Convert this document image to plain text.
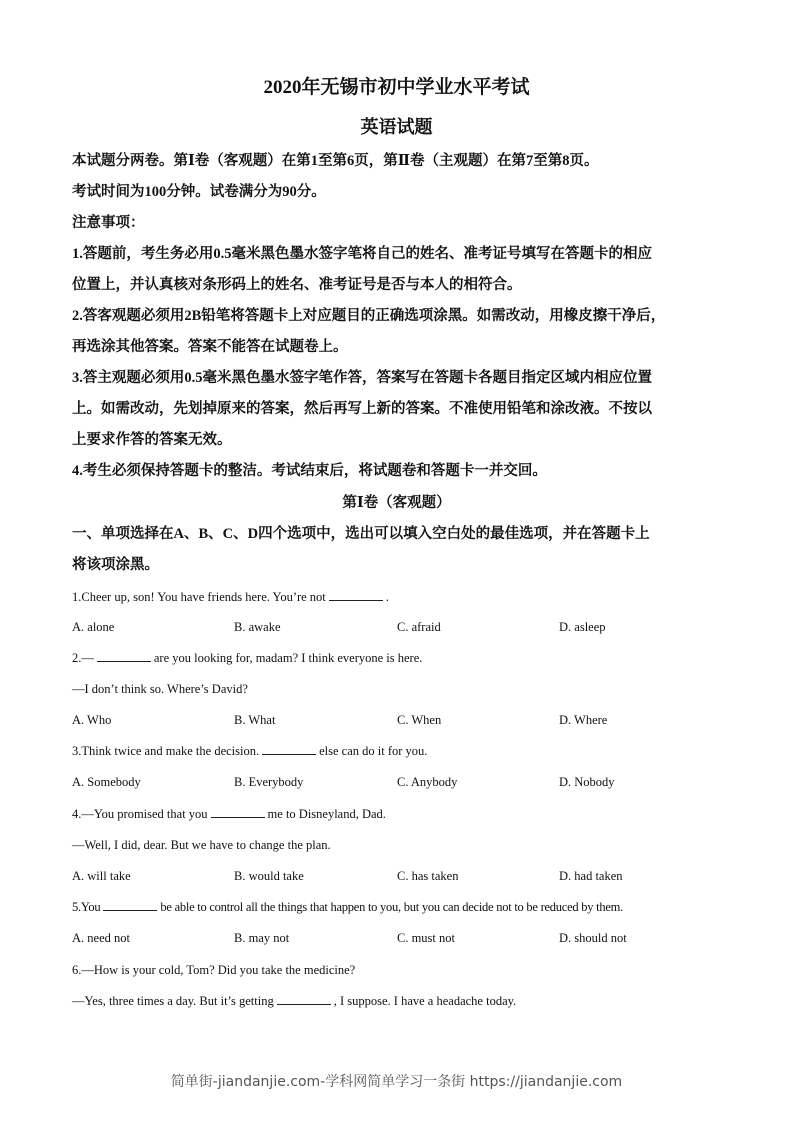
2020年无锡市初中学业水平考试
英语试题
本试题分两卷。第Ⅰ卷（客观题）在第1至第6页，第Ⅱ卷（主观题）在第7至第8页。
考试时间为100分钟。试卷满分为90分。
注意事项：
1.答题前，考生务必用0.5毫米黑色墨水签字笔将自己的姓名、准考证号填写在答题卡的相应
位置上，并认真核对条形码上的姓名、准考证号是否与本人的相符合。
2.答客观题必须用2B铅笔将答题卡上对应题目的正确选项涂黑。如需改动，用橡皮擦干净后，
再选涂其他答案。答案不能答在试题卷上。
3.答主观题必须用0.5毫米黑色墨水签字笔作答，答案写在答题卡各题目指定区域内相应位置
上。如需改动，先划掉原来的答案，然后再写上新的答案。不准使用铅笔和涂改液。不按以
上要求作答的答案无效。
4.考生必须保持答题卡的整洁。考试结束后，将试题卷和答题卡一并交回。
第Ⅰ卷（客观题）
一、单项选择在A、B、C、D四个选项中，选出可以填入空白处的最佳选项，并在答题卡上
将该项涂黑。
1.Cheer up, son! You have friends here. You’re not	.
A. alone	B. awake	C. afraid	D. asleep
2.—	are you looking for, madam? I think everyone is here.
—I don’t think so. Where’s David?
A. Who	B. What	C. When	D. Where
3.Think twice and make the decision.	else can do it for you.
A. Somebody	B. Everybody	C. Anybody	D. Nobody
4.—You promised that you	me to Disneyland, Dad.
—Well, I did, dear. But we have to change the plan.
A. will take	B. would take	C. has taken	D. had taken
5.You	be able to control all the things that happen to you, but you can decide not to be reduced by them.
A. need not	B. may not	C. must not	D. should not
6.—How is your cold, Tom? Did you take the medicine?
—Yes, three times a day. But it’s getting	, I suppose. I have a headache today.
简单街-jiandanjie.com-学科网简单学习一条街 https://jiandanjie.com
